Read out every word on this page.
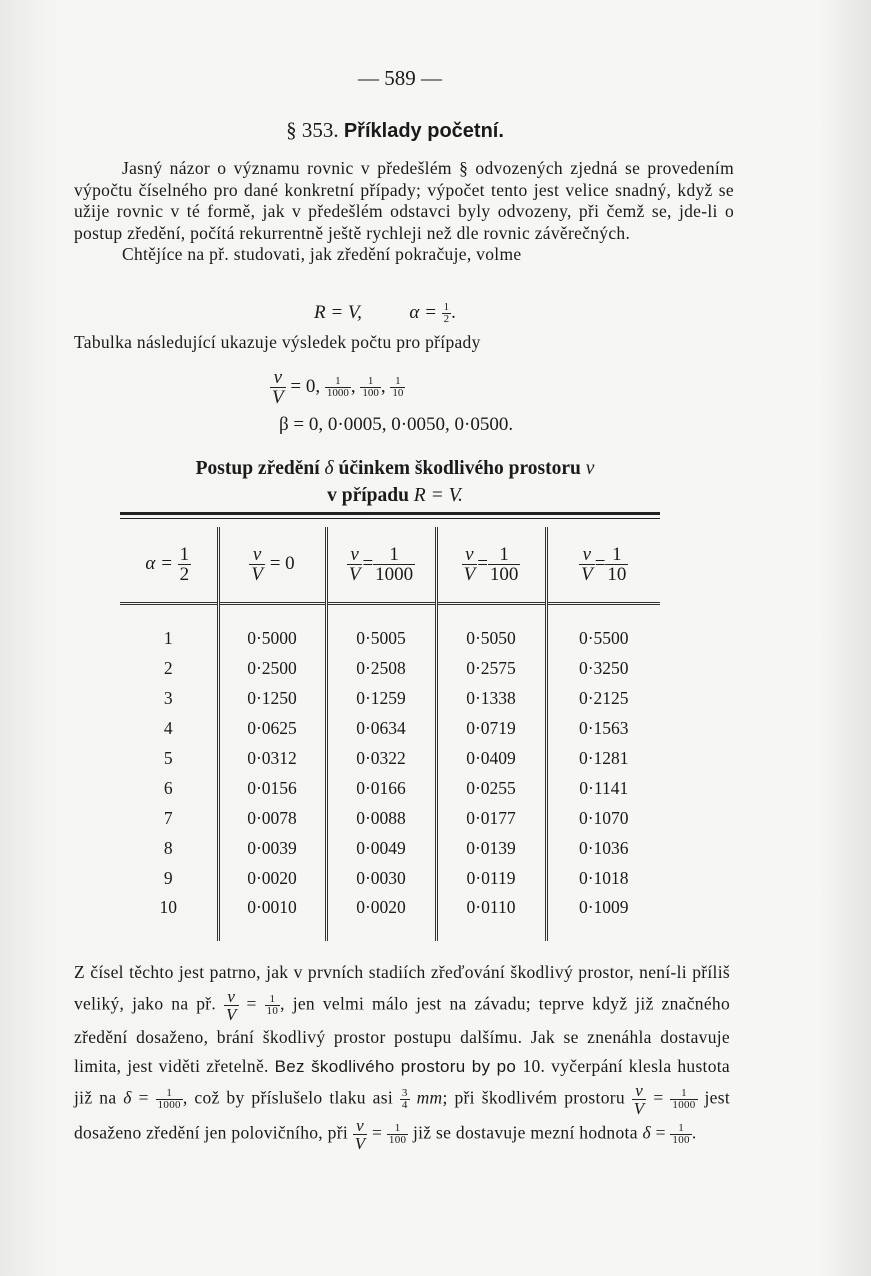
— 589 —
§ 353. Příklady početní.
Jasný názor o významu rovnic v předešlém § odvozených zjedná se provedením výpočtu číselného pro dané konkretní případy; výpočet tento jest velice snadný, když se užije rovnic v té formě, jak v předešlém odstavci byly odvozeny, při čemž se, jde-li o postup zředění, počítá rekurrentně ještě rychleji než dle rovnic závěrečných.
Chtějíce na př. studovati, jak zředění pokračuje, volme
R = V,	$\alpha = \frac{1}{2}$ .
Tabulka následující ukazuje výsledek počtu pro případy
$\frac{v}{V} = 0$, $\frac{1}{1000}$ , $\frac{1}{100}$ , $\frac{1}{10}$
β = 0, 0·0005, 0·0050, 0·0500.
Postup zředění δ účinkem škodlivého prostoru v
v případu R = V.
$\alpha = \frac{1}{2}$	$\frac{v}{V} = 0$	$\frac{v}{V} = \frac{1}{1000}$	$\frac{v}{V} = \frac{1}{100}$	$\frac{v}{V} = \frac{1}{10}$

1	0·5000	0·5005	0·5050	0·5500
2	0·2500	0·2508	0·2575	0·3250
3	0·1250	0·1259	0·1338	0·2125
4	0·0625	0·0634	0·0719	0·1563
5	0·0312	0·0322	0·0409	0·1281
6	0·0156	0·0166	0·0255	0·1141
7	0·0078	0·0088	0·0177	0·1070
8	0·0039	0·0049	0·0139	0·1036
9	0·0020	0·0030	0·0119	0·1018
10	0·0010	0·0020	0·0110	0·1009
Z čísel těchto jest patrno, jak v prvních stadiích zřeďování škodlivý prostor, není-li příliš veliký, jako na př. $\frac{v}{V} = \frac{1}{10}$ , jen velmi málo jest na závadu; teprve když již značného zředění dosaženo, brání škodlivý prostor postupu dalšímu. Jak se znenáhla dostavuje limita, jest viděti zřetelně. Bez škodlivého prostoru by po 10. vyčerpání klesla hustota již na $\delta = \frac{1}{1000}$ , což by příslušelo tlaku asi $\frac{3}{4}$ mm; při škodlivém prostoru $\frac{v}{V} = \frac{1}{1000}$ jest dosaženo zředění jen polovičního, při $\frac{v}{V} = \frac{1}{100}$ již se dostavuje mezní hodnota $\delta = \frac{1}{100}$ .
